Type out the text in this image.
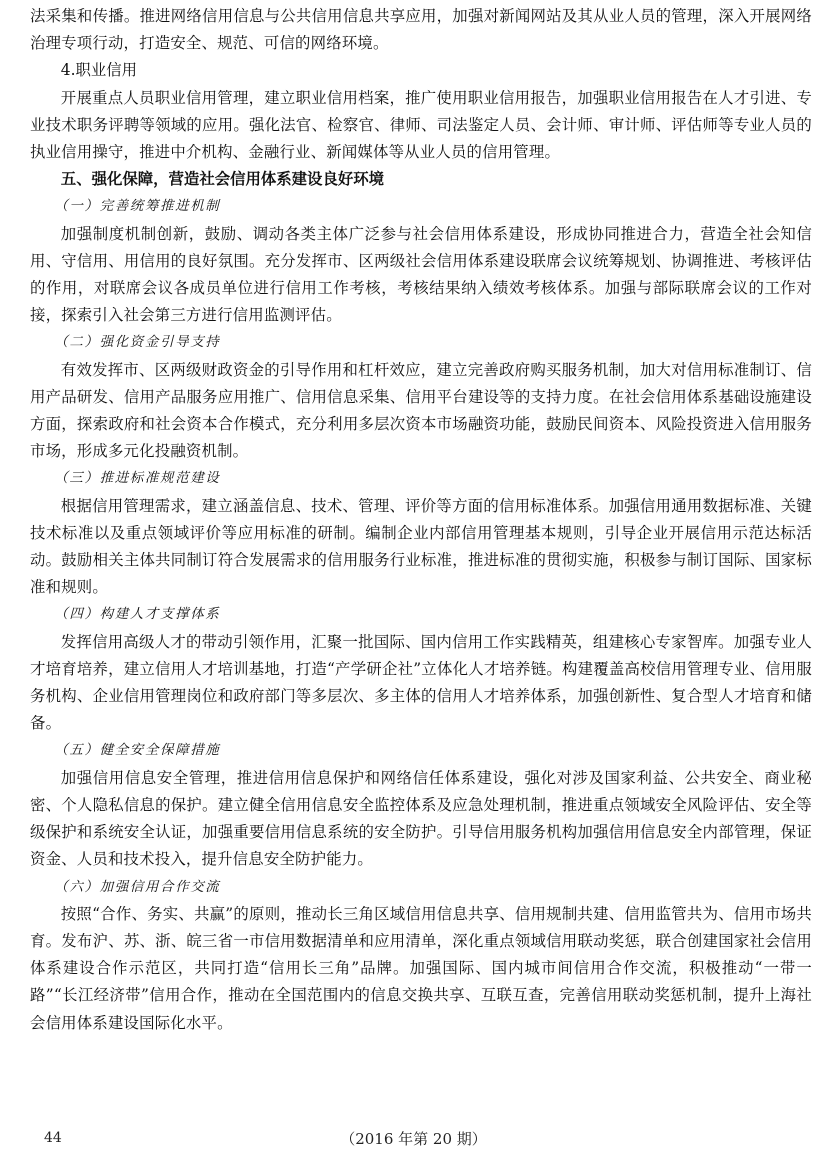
法采集和传播。推进网络信用信息与公共信用信息共享应用，加强对新闻网站及其从业人员的管理，深入开展网络治理专项行动，打造安全、规范、可信的网络环境。

4.职业信用

开展重点人员职业信用管理，建立职业信用档案，推广使用职业信用报告，加强职业信用报告在人才引进、专业技术职务评聘等领域的应用。强化法官、检察官、律师、司法鉴定人员、会计师、审计师、评估师等专业人员的执业信用操守，推进中介机构、金融行业、新闻媒体等从业人员的信用管理。

五、强化保障，营造社会信用体系建设良好环境
（一）完善统筹推进机制

加强制度机制创新，鼓励、调动各类主体广泛参与社会信用体系建设，形成协同推进合力，营造全社会知信用、守信用、用信用的良好氛围。充分发挥市、区两级社会信用体系建设联席会议统筹规划、协调推进、考核评估的作用，对联席会议各成员单位进行信用工作考核，考核结果纳入绩效考核体系。加强与部际联席会议的工作对接，探索引入社会第三方进行信用监测评估。

（二）强化资金引导支持

有效发挥市、区两级财政资金的引导作用和杠杆效应，建立完善政府购买服务机制，加大对信用标准制订、信用产品研发、信用产品服务应用推广、信用信息采集、信用平台建设等的支持力度。在社会信用体系基础设施建设方面，探索政府和社会资本合作模式，充分利用多层次资本市场融资功能，鼓励民间资本、风险投资进入信用服务市场，形成多元化投融资机制。

（三）推进标准规范建设

根据信用管理需求，建立涵盖信息、技术、管理、评价等方面的信用标准体系。加强信用通用数据标准、关键技术标准以及重点领域评价等应用标准的研制。编制企业内部信用管理基本规则，引导企业开展信用示范达标活动。鼓励相关主体共同制订符合发展需求的信用服务行业标准，推进标准的贯彻实施，积极参与制订国际、国家标准和规则。

（四）构建人才支撑体系

发挥信用高级人才的带动引领作用，汇聚一批国际、国内信用工作实践精英，组建核心专家智库。加强专业人才培育培养，建立信用人才培训基地，打造“产学研企社”立体化人才培养链。构建覆盖高校信用管理专业、信用服务机构、企业信用管理岗位和政府部门等多层次、多主体的信用人才培养体系，加强创新性、复合型人才培育和储备。

（五）健全安全保障措施

加强信用信息安全管理，推进信用信息保护和网络信任体系建设，强化对涉及国家利益、公共安全、商业秘密、个人隐私信息的保护。建立健全信用信息安全监控体系及应急处理机制，推进重点领域安全风险评估、安全等级保护和系统安全认证，加强重要信用信息系统的安全防护。引导信用服务机构加强信用信息安全内部管理，保证资金、人员和技术投入，提升信息安全防护能力。

（六）加强信用合作交流

按照“合作、务实、共赢”的原则，推动长三角区域信用信息共享、信用规制共建、信用监管共为、信用市场共育。发布沪、苏、浙、皖三省一市信用数据清单和应用清单，深化重点领域信用联动奖惩，联合创建国家社会信用体系建设合作示范区，共同打造“信用长三角”品牌。加强国际、国内城市间信用合作交流，积极推动“一带一路”“长江经济带”信用合作，推动在全国范围内的信息交换共享、互联互查，完善信用联动奖惩机制，提升上海社会信用体系建设国际化水平。

（2016 年第 20 期）
44
